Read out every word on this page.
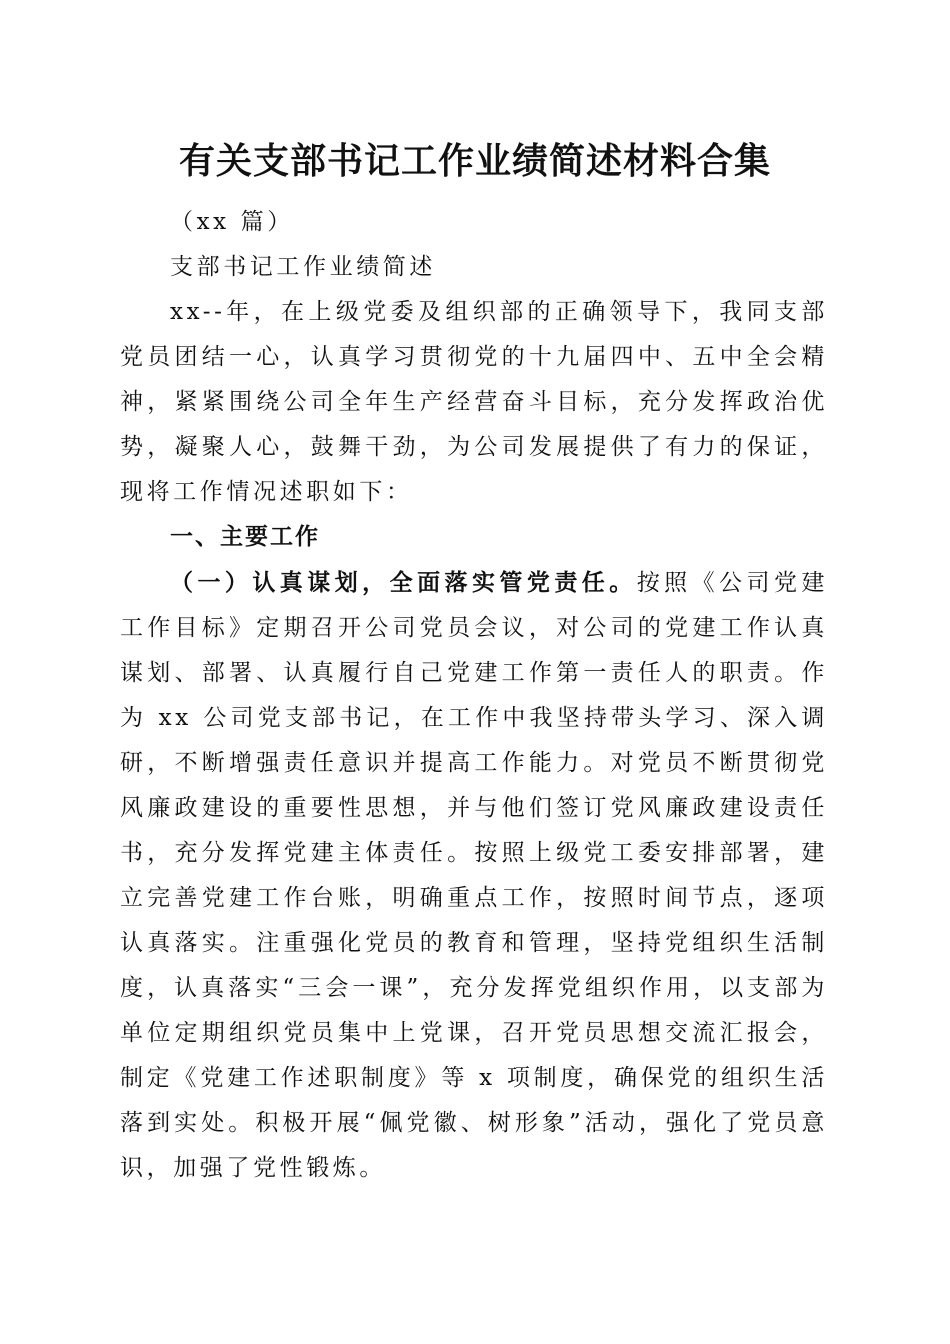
有关支部书记工作业绩简述材料合集

（xx 篇）

支部书记工作业绩简述

xx--年，在上级党委及组织部的正确领导下，我同支部党员团结一心，认真学习贯彻党的十九届四中、五中全会精神，紧紧围绕公司全年生产经营奋斗目标，充分发挥政治优势，凝聚人心，鼓舞干劲，为公司发展提供了有力的保证，现将工作情况述职如下：

一、主要工作

（一）认真谋划，全面落实管党责任。按照《公司党建工作目标》定期召开公司党员会议，对公司的党建工作认真谋划、部署、认真履行自己党建工作第一责任人的职责。作为 xx 公司党支部书记，在工作中我坚持带头学习、深入调研，不断增强责任意识并提高工作能力。对党员不断贯彻党风廉政建设的重要性思想，并与他们签订党风廉政建设责任书，充分发挥党建主体责任。按照上级党工委安排部署，建立完善党建工作台账，明确重点工作，按照时间节点，逐项认真落实。注重强化党员的教育和管理，坚持党组织生活制度，认真落实“三会一课”，充分发挥党组织作用，以支部为单位定期组织党员集中上党课，召开党员思想交流汇报会，制定《党建工作述职制度》等 x 项制度，确保党的组织生活落到实处。积极开展“佩党徽、树形象”活动，强化了党员意识，加强了党性锻炼。
